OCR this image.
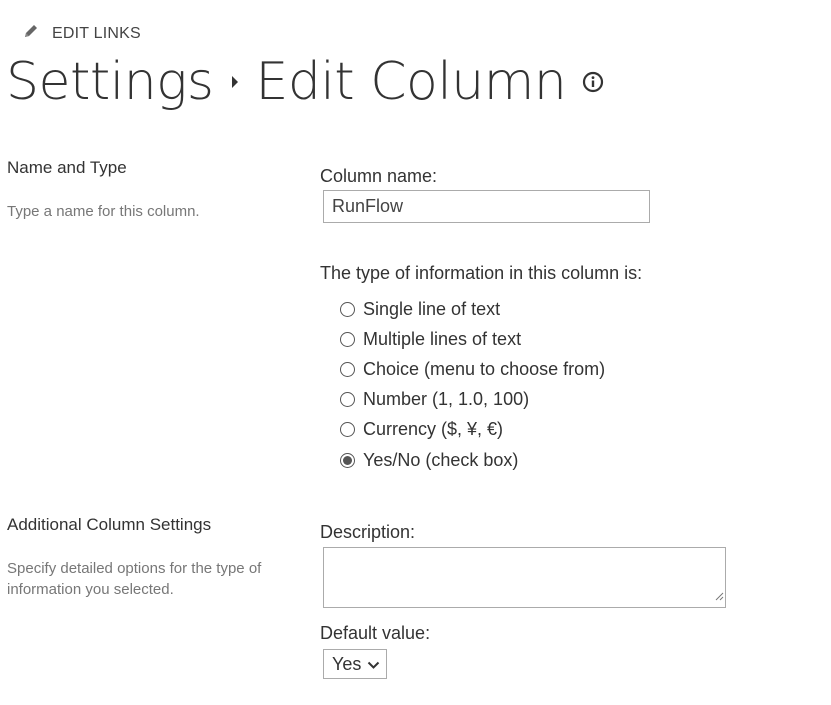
EDIT LINKS
Settings Edit Column
Name and Type
Type a name for this column.
Column name:
RunFlow
The type of information in this column is:
Single line of text
Multiple lines of text
Choice (menu to choose from)
Number (1, 1.0, 100)
Currency ($, ¥, €)
Yes/No (check box)
Additional Column Settings
Specify detailed options for the type of information you selected.
Description:
Default value:
Yes
